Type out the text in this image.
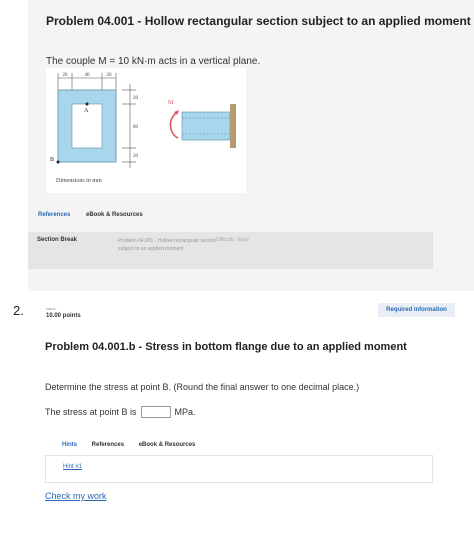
Problem 04.001 - Hollow rectangular section subject to an applied moment
The couple M = 10 kN·m acts in a vertical plane.
20	40	20
A
B
20
80
20
M
Dimensions in mm
References	eBook & Resources
Section Break	Problem 04.001 - Hollow rectangular section subject to an applied moment
Difficulty: Easy
2.	value:
10.00 points
Required information
Problem 04.001.b - Stress in bottom flange due to an applied moment
Determine the stress at point B. (Round the final answer to one decimal place.)
The stress at point B is	MPa.
Hints References eBook & Resources
Hint #1
Check my work
